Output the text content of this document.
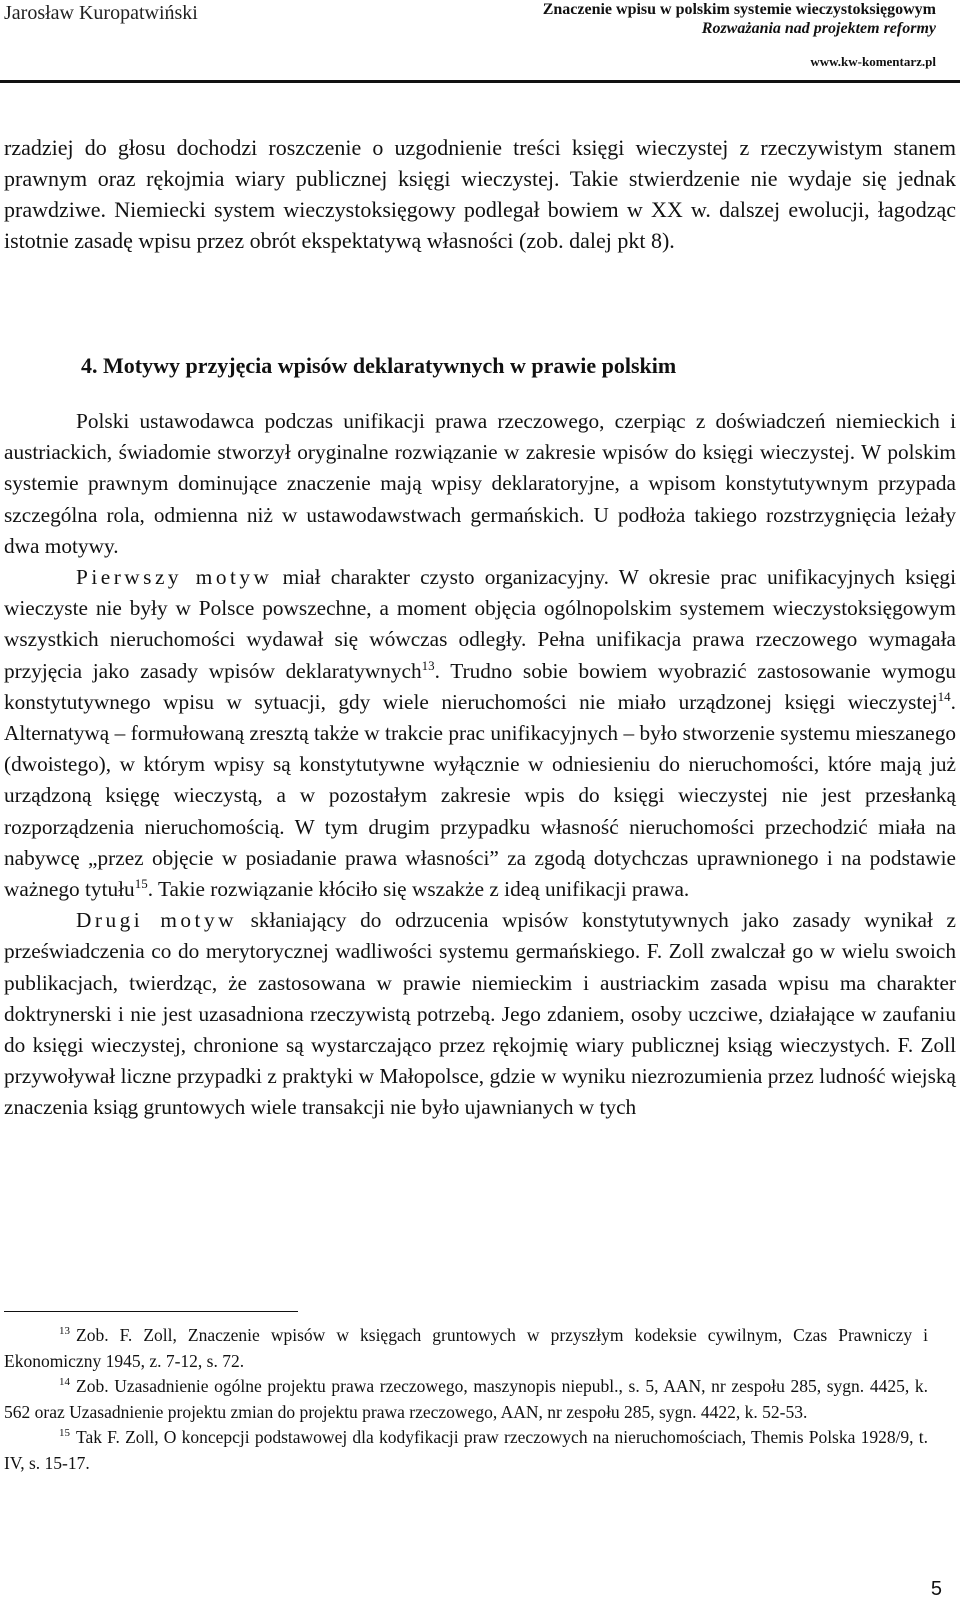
Jarosław Kuropatwiński	Znaczenie wpisu w polskim systemie wieczystoksięgowym
Rozważania nad projektem reformy
www.kw-komentarz.pl
rzadziej do głosu dochodzi roszczenie o uzgodnienie treści księgi wieczystej z rzeczywistym stanem prawnym oraz rękojmia wiary publicznej księgi wieczystej. Takie stwierdzenie nie wydaje się jednak prawdziwe. Niemiecki system wieczystoksięgowy podlegał bowiem w XX w. dalszej ewolucji, łagodząc istotnie zasadę wpisu przez obrót ekspektatywą własności (zob. dalej pkt 8).
4. Motywy przyjęcia wpisów deklaratywnych w prawie polskim

Polski ustawodawca podczas unifikacji prawa rzeczowego, czerpiąc z doświadczeń niemieckich i austriackich, świadomie stworzył oryginalne rozwiązanie w zakresie wpisów do księgi wieczystej. W polskim systemie prawnym dominujące znaczenie mają wpisy deklaratoryjne, a wpisom konstytutywnym przypada szczególna rola, odmienna niż w ustawodawstwach germańskich. U podłoża takiego rozstrzygnięcia leżały dwa motywy.

Pierwszy motyw miał charakter czysto organizacyjny. W okresie prac unifikacyjnych księgi wieczyste nie były w Polsce powszechne, a moment objęcia ogólnopolskim systemem wieczystoksięgowym wszystkich nieruchomości wydawał się wówczas odległy. Pełna unifikacja prawa rzeczowego wymagała przyjęcia jako zasady wpisów deklaratywnych$^{13}$. Trudno sobie bowiem wyobrazić zastosowanie wymogu konstytutywnego wpisu w sytuacji, gdy wiele nieruchomości nie miało urządzonej księgi wieczystej$^{14}$. Alternatywą – formułowaną zresztą także w trakcie prac unifikacyjnych – było stworzenie systemu mieszanego (dwoistego), w którym wpisy są konstytutywne wyłącznie w odniesieniu do nieruchomości, które mają już urządzoną księgę wieczystą, a w pozostałym zakresie wpis do księgi wieczystej nie jest przesłanką rozporządzenia nieruchomością. W tym drugim przypadku własność nieruchomości przechodzić miała na nabywcę „przez objęcie w posiadanie prawa własności” za zgodą dotychczas uprawnionego i na podstawie ważnego tytułu$^{15}$. Takie rozwiązanie kłóciło się wszakże z ideą unifikacji prawa.

Drugi motyw skłaniający do odrzucenia wpisów konstytutywnych jako zasady wynikał z przeświadczenia co do merytorycznej wadliwości systemu germańskiego. F. Zoll zwalczał go w wielu swoich publikacjach, twierdząc, że zastosowana w prawie niemieckim i austriackim zasada wpisu ma charakter doktrynerski i nie jest uzasadniona rzeczywistą potrzebą. Jego zdaniem, osoby uczciwe, działające w zaufaniu do księgi wieczystej, chronione są wystarczająco przez rękojmię wiary publicznej ksiąg wieczystych. F. Zoll przywoływał liczne przypadki z praktyki w Małopolsce, gdzie w wyniku niezrozumienia przez ludność wiejską znaczenia ksiąg gruntowych wiele transakcji nie było ujawnianych w tych

$^{13}$ Zob. F. Zoll, Znaczenie wpisów w księgach gruntowych w przyszłym kodeksie cywilnym, Czas Prawniczy i Ekonomiczny 1945, z. 7-12, s. 72.

$^{14}$ Zob. Uzasadnienie ogólne projektu prawa rzeczowego, maszynopis niepubl., s. 5, AAN, nr zespołu 285, sygn. 4425, k. 562 oraz Uzasadnienie projektu zmian do projektu prawa rzeczowego, AAN, nr zespołu 285, sygn. 4422, k. 52-53.

$^{15}$ Tak F. Zoll, O koncepcji podstawowej dla kodyfikacji praw rzeczowych na nieruchomościach, Themis Polska 1928/9, t. IV, s. 15-17.

5
